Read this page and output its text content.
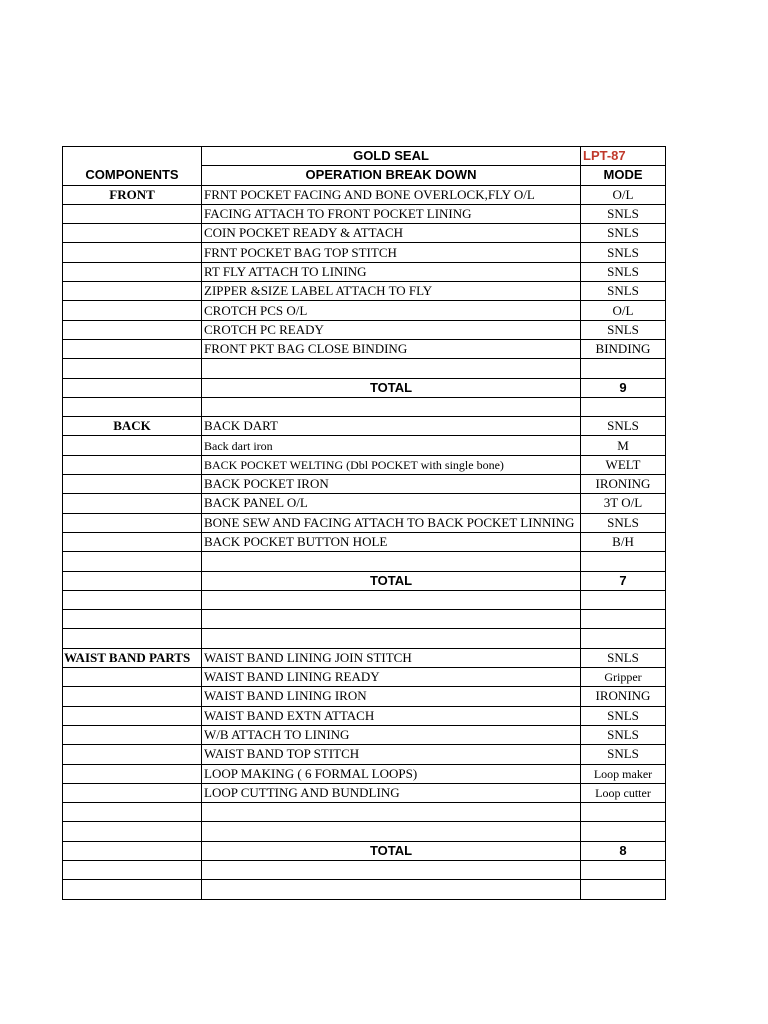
	GOLD SEAL	LPT-87
COMPONENTS	OPERATION BREAK DOWN	MODE
FRONT	FRNT POCKET FACING AND BONE OVERLOCK,FLY O/L	O/L
	FACING ATTACH TO FRONT POCKET LINING	SNLS
	COIN POCKET READY & ATTACH	SNLS
	FRNT POCKET BAG TOP STITCH	SNLS
	RT FLY ATTACH TO LINING	SNLS
	ZIPPER &SIZE LABEL ATTACH TO FLY	SNLS
	CROTCH PCS O/L	O/L
	CROTCH PC READY	SNLS
	FRONT PKT BAG CLOSE BINDING	BINDING

	TOTAL	9

BACK	BACK DART	SNLS
	Back dart iron	M
	BACK POCKET WELTING (Dbl POCKET with single bone)	WELT
	BACK POCKET IRON	IRONING
	BACK PANEL O/L	3T O/L
	BONE SEW AND FACING ATTACH TO BACK POCKET LINNING	SNLS
	BACK POCKET BUTTON HOLE	B/H

	TOTAL	7

WAIST BAND PARTS	WAIST BAND LINING JOIN STITCH	SNLS
	WAIST BAND LINING READY	Gripper
	WAIST BAND LINING IRON	IRONING
	WAIST BAND EXTN ATTACH	SNLS
	W/B ATTACH TO LINING	SNLS
	WAIST BAND TOP STITCH	SNLS
	LOOP MAKING ( 6 FORMAL LOOPS)	Loop maker
	LOOP CUTTING AND BUNDLING	Loop cutter

	TOTAL	8
